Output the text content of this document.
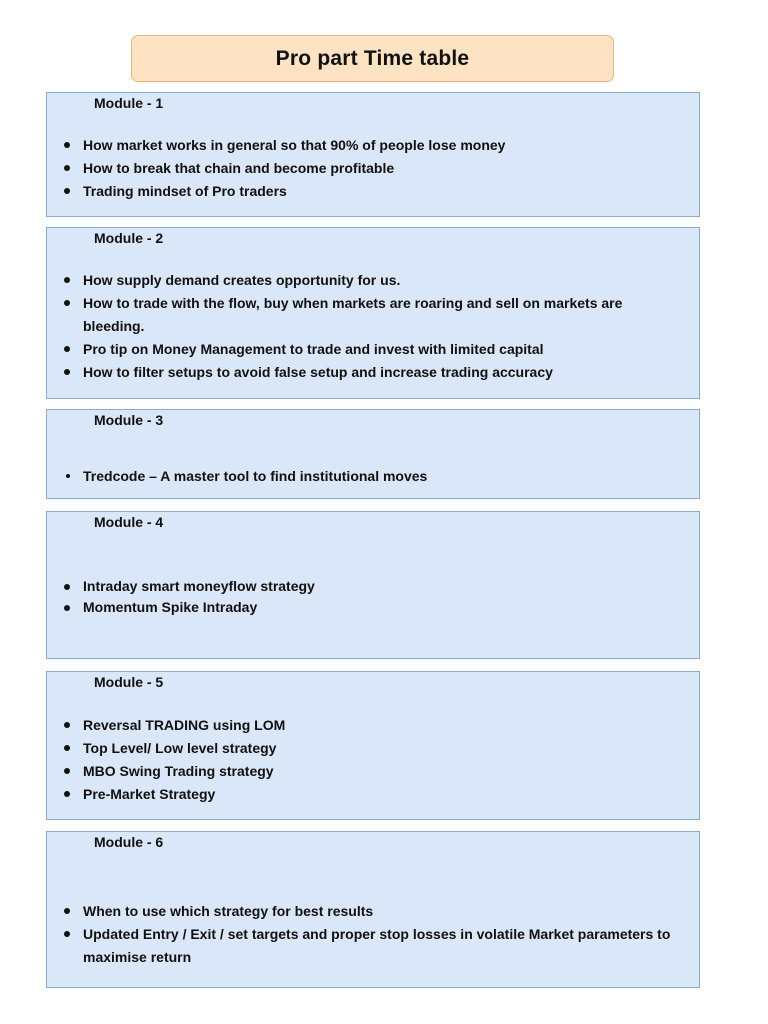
Pro part Time table
Module - 1
How market works in general so that 90% of people lose money
How to break that chain and become profitable
Trading mindset of Pro traders
Module - 2
How supply demand creates opportunity for us.
How to trade with the flow, buy when markets are roaring and sell on markets are bleeding.
Pro tip on Money Management to trade and invest with limited capital
How to filter setups to avoid false setup and increase trading accuracy
Module - 3
Tredcode – A master tool to find institutional moves
Module - 4
Intraday smart moneyflow strategy
Momentum Spike Intraday
Module - 5
Reversal TRADING using LOM
Top Level/ Low level strategy
MBO Swing Trading strategy
Pre-Market Strategy
Module - 6
When to use which strategy for best results
Updated Entry / Exit / set targets and proper stop losses in volatile Market parameters to maximise return
